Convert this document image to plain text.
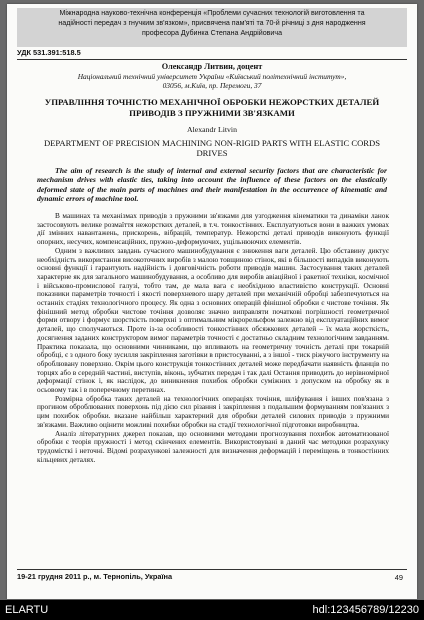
Міжнародна науково-технічна конференція «Проблеми сучасних технологій виготовлення та
надійності передач з гнучким зв'язком», присвячена пам'яті та 70-й річниці з дня народження
професора Дубинка Степана Андрійовича
УДК 531.391:518.5
Олександр Литвин, доцент
Національний технічний університет України «Київський політехнічний інститут»,
03056, м.Київ, пр. Перемоги, 37
УПРАВЛІННЯ ТОЧНІСТЮ МЕХАНІЧНОЇ ОБРОБКИ НЕЖОРСТКИХ ДЕТАЛЕЙ
ПРИВОДІВ З ПРУЖНИМИ ЗВ'ЯЗКАМИ
Alexandr Litvin
DEPARTMENT OF PRECISION MACHINING NON-RIGID PARTS WITH ELASTIC CORDS
DRIVES
The aim of research is the study of internal and external security factors that are characteristic for mechanism drives with elastic ties, taking into account the influence of these factors on the elastically deformed state of the main parts of machines and their manifestation in the occurrence of kinematic and dynamic errors of machine tool.

В машинах та механізмах приводів з пружними зв'язками для узгодження кінематики та динаміки ланок застосовують велике розмаїття нежорстких деталей, в т.ч. тонкостінних. Експлуатуються вони в важких умовах дії змінних навантажень, прискорень, вібрацій, температур. Нежорсткі деталі приводів виконують функції опорних, несучих, компенсаційних, пружно-деформуючих, ущільнюючих елементів.

Одним з важливих завдань сучасного машинобудування є зниження ваги деталей. Цю обставину диктує необхідність використання високоточних виробів з малою товщиною стінок, які в більшості випадків виконують основні функції і гарантують надійність і довговічність роботи приводів машин. Застосування таких деталей характерне як для загального машинобудування, а особливо для виробів авіаційної і ракетної техніки, космічної і військово-промислової галузі, тобто там, де мала вага є необхідною властивістю конструкції. Основні показники параметрів точності і якості поверхневого шару деталей при механічній обробці забезпечуються на останніх стадіях технологічного процесу. Як одна з основних операцій фінішної обробки є чистове точіння. Як фінішний метод обробки чистове точіння дозволяє значно виправляти початкові погрішності геометричної форми отвору і формує шорсткість поверхні з оптимальним мікрорельєфом залежно від експлуатаційних вимог деталей, що сполучаються. Проте із-за особливості тонкостінних обсяжкових деталей – їх мала жорсткість, досягнення заданих конструктором вимог параметрів точності є достатньо складним технологічним завданням. Практика показала, що основними чинниками, що впливають на геометричну точність деталі при токарній обробці, є з одного боку зусилля закріплення заготівки в пристосуванні, а з іншої - тиск ріжучого інструменту на оброблювану поверхню. Окрім цього конструкція тонкостінних деталей може передбачати наявність фланців по торцях або в середній частині, виступів, віконь, зубчатих передач і так далі Остання приводить до нерівномірної деформації стінок і, як наслідок, до виникнення похибок обробки суміжних з допуском на обробку як в осьовому так і в поперечному перетинах.

Розмірна обробка таких деталей на технологічних операціях точіння, шліфування і інших пов'язана з прогином оброблюваних поверхонь під дією сил різання і закріплення з подальшим формуванням пов'язаних з цим похибок обробки. вказане найбільш характерний для обробки деталей силових приводів з пружними зв'язками. Важливо оцінити можливі похибки обробки на стадії технологічної підготовки виробництва.

Аналіз літературних джерел показав, що основними методами прогнозування похибок автоматизованої обробки є теорія пружності і метод скінчених елементів. Використовувані в даний час методики розрахунку трудомісткі і неточні. Відомі розрахункові залежності для визначення деформацій і переміщень в тонкостінних кільцевих деталях.

19-21 грудня 2011 р., м. Тернопіль, Україна	49
ELARTU	hdl:123456789/12230
